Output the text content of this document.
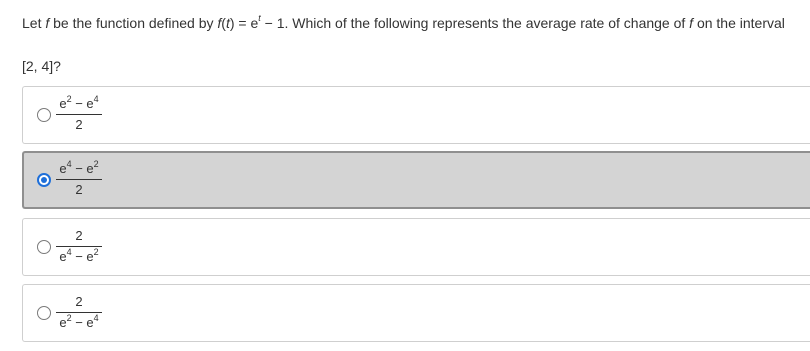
Let f be the function defined by $f(t) = e^t - 1$. Which of the following represents the average rate of change of f on the interval
[2, 4]?
$e^2 - e^4$
2
$e^4 - e^2$
2
2
$e^4 - e^2$
2
$e^2 - e^4$
